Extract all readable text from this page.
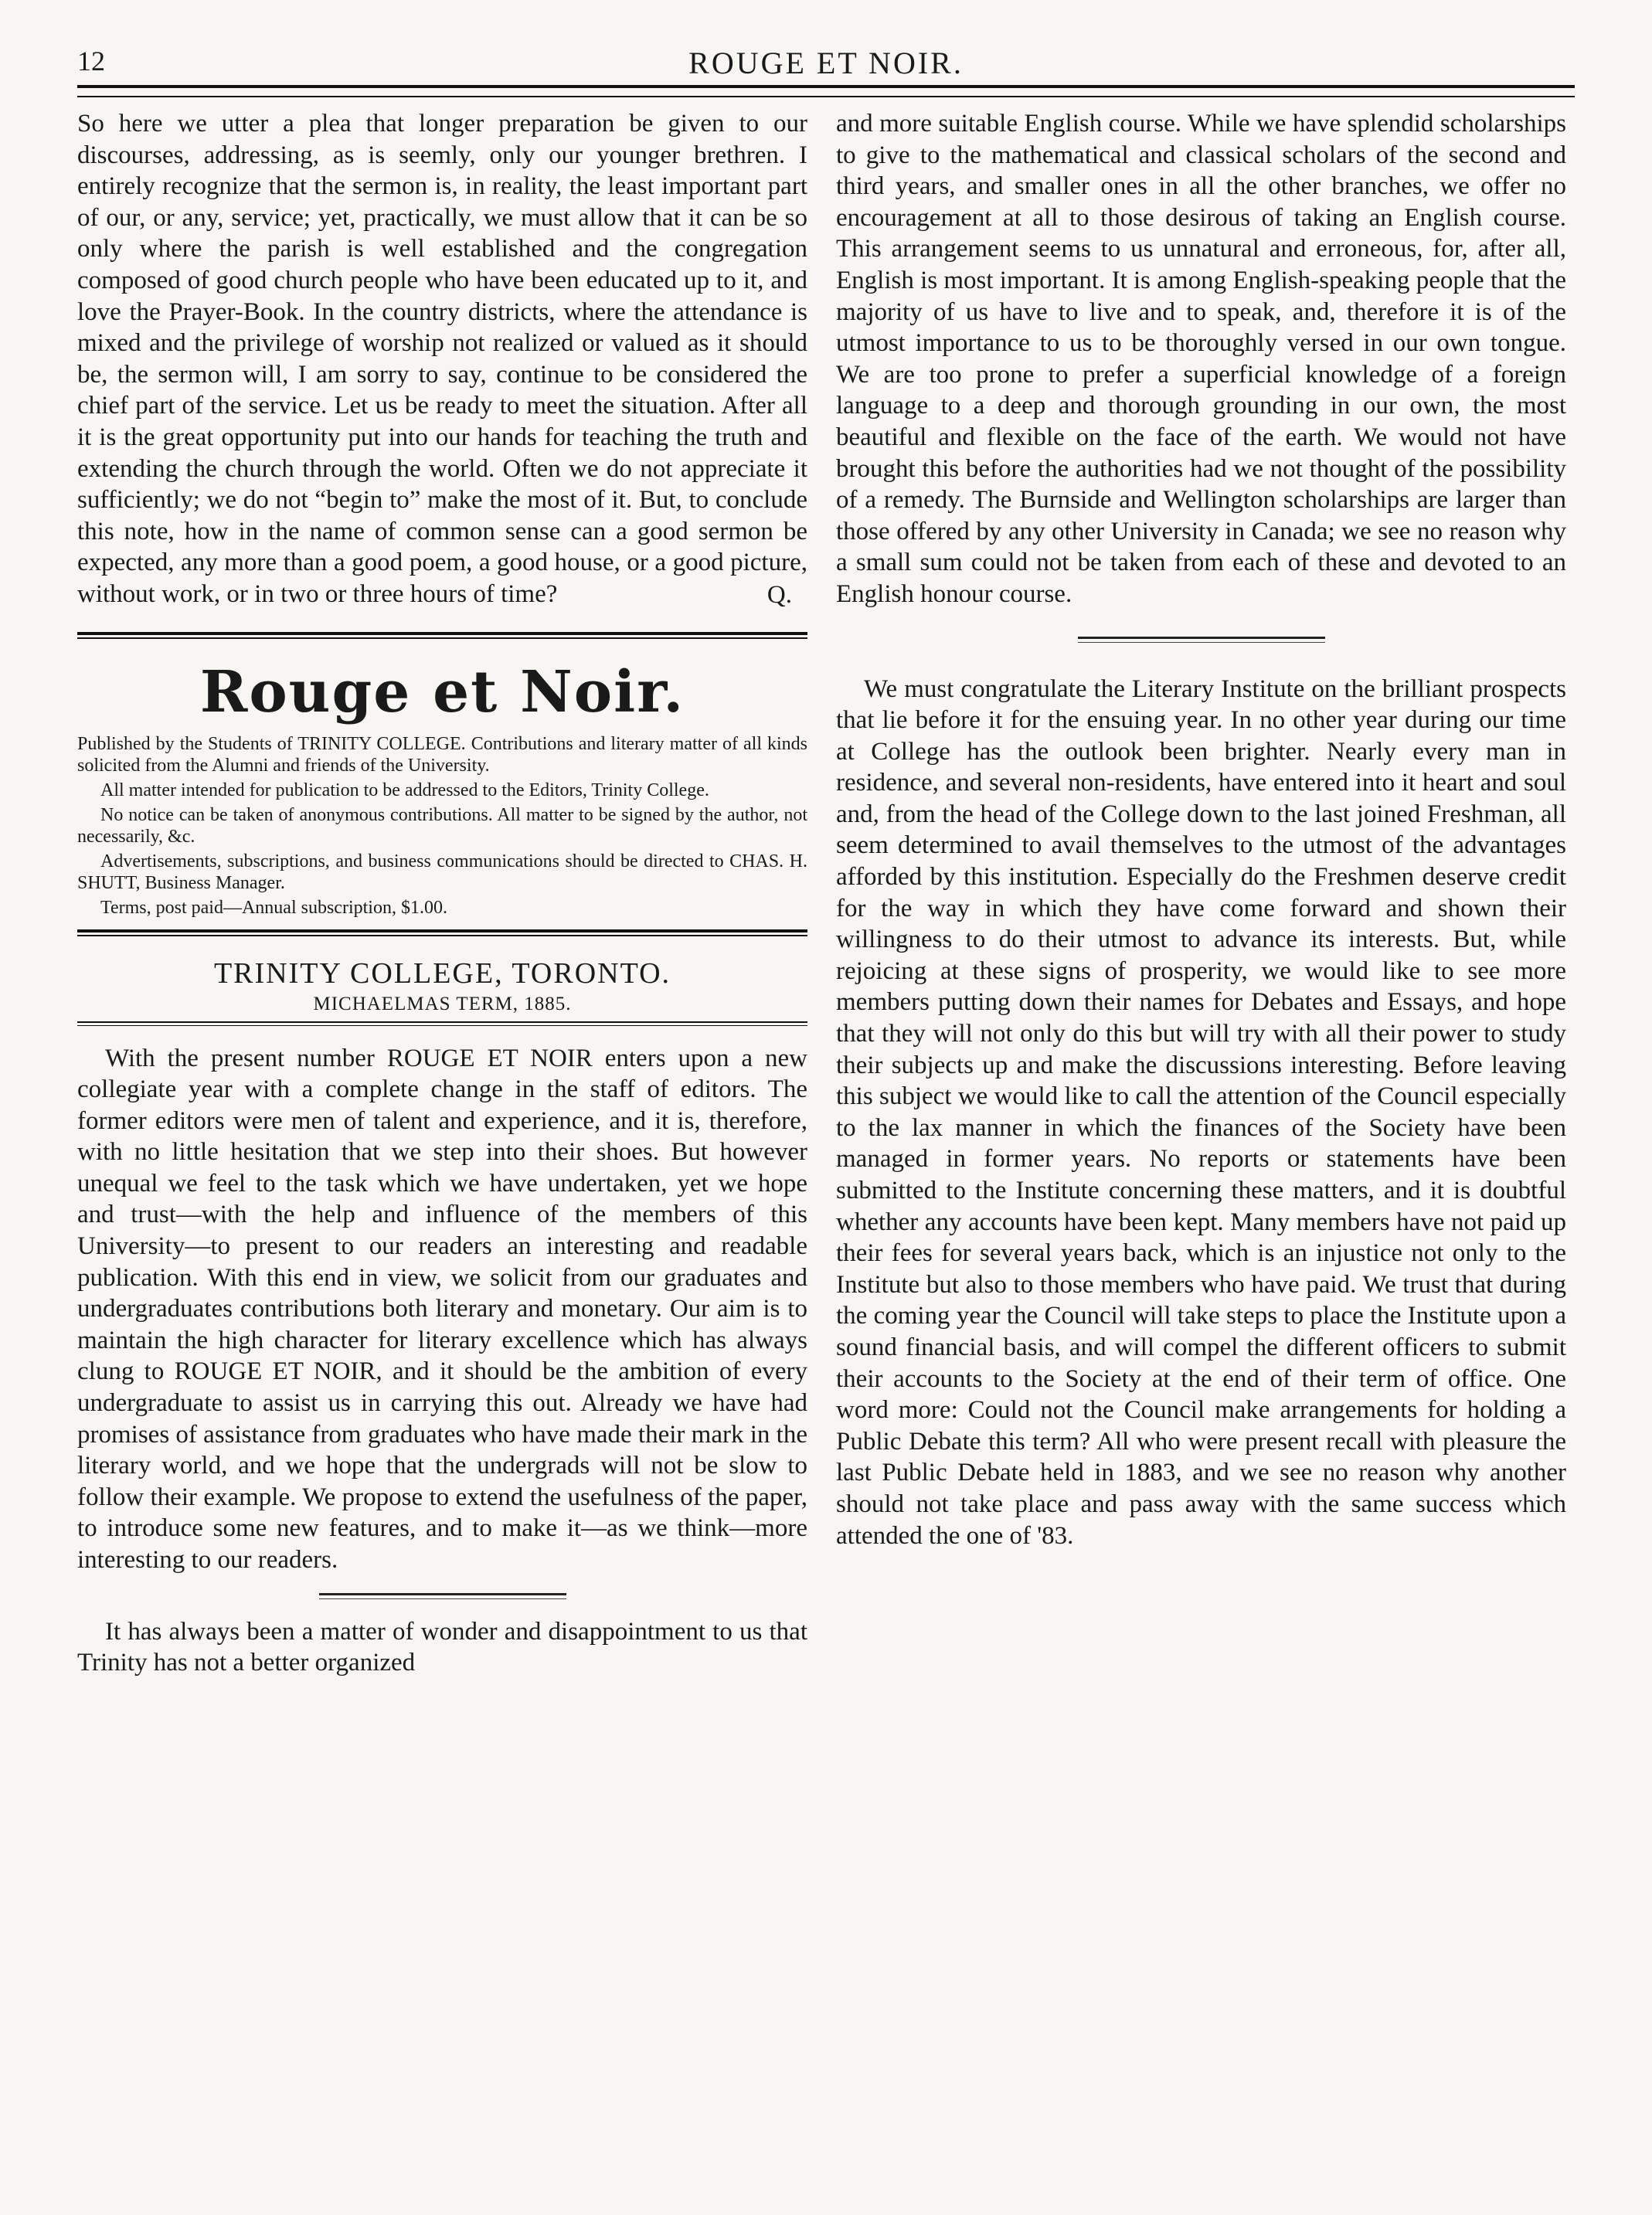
12	ROUGE ET NOIR.

So here we utter a plea that longer preparation be given to our discourses, addressing, as is seemly, only our younger brethren. I entirely recognize that the sermon is, in reality, the least important part of our, or any, service; yet, practically, we must allow that it can be so only where the parish is well established and the congregation composed of good church people who have been educated up to it, and love the Prayer-Book. In the country districts, where the attendance is mixed and the privilege of worship not realized or valued as it should be, the sermon will, I am sorry to say, continue to be considered the chief part of the service. Let us be ready to meet the situation. After all it is the great opportunity put into our hands for teaching the truth and extending the church through the world. Often we do not appreciate it sufficiently; we do not “begin to” make the most of it. But, to conclude this note, how in the name of common sense can a good sermon be expected, any more than a good poem, a good house, or a good picture, without work, or in two or three hours of time?	Q.
Rouge et Noir.

Published by the Students of TRINITY COLLEGE. Contributions and literary matter of all kinds solicited from the Alumni and friends of the University.

All matter intended for publication to be addressed to the Editors, Trinity College.

No notice can be taken of anonymous contributions. All matter to be signed by the author, not necessarily, &c.

Advertisements, subscriptions, and business communications should be directed to CHAS. H. SHUTT, Business Manager.

Terms, post paid—Annual subscription, $1.00.

TRINITY COLLEGE, TORONTO.
MICHAELMAS TERM, 1885.

With the present number ROUGE ET NOIR enters upon a new collegiate year with a complete change in the staff of editors. The former editors were men of talent and experience, and it is, therefore, with no little hesitation that we step into their shoes. But however unequal we feel to the task which we have undertaken, yet we hope and trust—with the help and influence of the members of this University—to present to our readers an interesting and readable publication. With this end in view, we solicit from our graduates and undergraduates contributions both literary and monetary. Our aim is to maintain the high character for literary excellence which has always clung to ROUGE ET NOIR, and it should be the ambition of every undergraduate to assist us in carrying this out. Already we have had promises of assistance from graduates who have made their mark in the literary world, and we hope that the undergrads will not be slow to follow their example. We propose to extend the usefulness of the paper, to introduce some new features, and to make it—as we think—more interesting to our readers.

It has always been a matter of wonder and disappointment to us that Trinity has not a better organized

and more suitable English course. While we have splendid scholarships to give to the mathematical and classical scholars of the second and third years, and smaller ones in all the other branches, we offer no encouragement at all to those desirous of taking an English course. This arrangement seems to us unnatural and erroneous, for, after all, English is most important. It is among English-speaking people that the majority of us have to live and to speak, and, therefore it is of the utmost importance to us to be thoroughly versed in our own tongue. We are too prone to prefer a superficial knowledge of a foreign language to a deep and thorough grounding in our own, the most beautiful and flexible on the face of the earth. We would not have brought this before the authorities had we not thought of the possibility of a remedy. The Burnside and Wellington scholarships are larger than those offered by any other University in Canada; we see no reason why a small sum could not be taken from each of these and devoted to an English honour course.

We must congratulate the Literary Institute on the brilliant prospects that lie before it for the ensuing year. In no other year during our time at College has the outlook been brighter. Nearly every man in residence, and several non-residents, have entered into it heart and soul and, from the head of the College down to the last joined Freshman, all seem determined to avail themselves to the utmost of the advantages afforded by this institution. Especially do the Freshmen deserve credit for the way in which they have come forward and shown their willingness to do their utmost to advance its interests. But, while rejoicing at these signs of prosperity, we would like to see more members putting down their names for Debates and Essays, and hope that they will not only do this but will try with all their power to study their subjects up and make the discussions interesting. Before leaving this subject we would like to call the attention of the Council especially to the lax manner in which the finances of the Society have been managed in former years. No reports or statements have been submitted to the Institute concerning these matters, and it is doubtful whether any accounts have been kept. Many members have not paid up their fees for several years back, which is an injustice not only to the Institute but also to those members who have paid. We trust that during the coming year the Council will take steps to place the Institute upon a sound financial basis, and will compel the different officers to submit their accounts to the Society at the end of their term of office. One word more: Could not the Council make arrangements for holding a Public Debate this term? All who were present recall with pleasure the last Public Debate held in 1883, and we see no reason why another should not take place and pass away with the same success which attended the one of '83.
